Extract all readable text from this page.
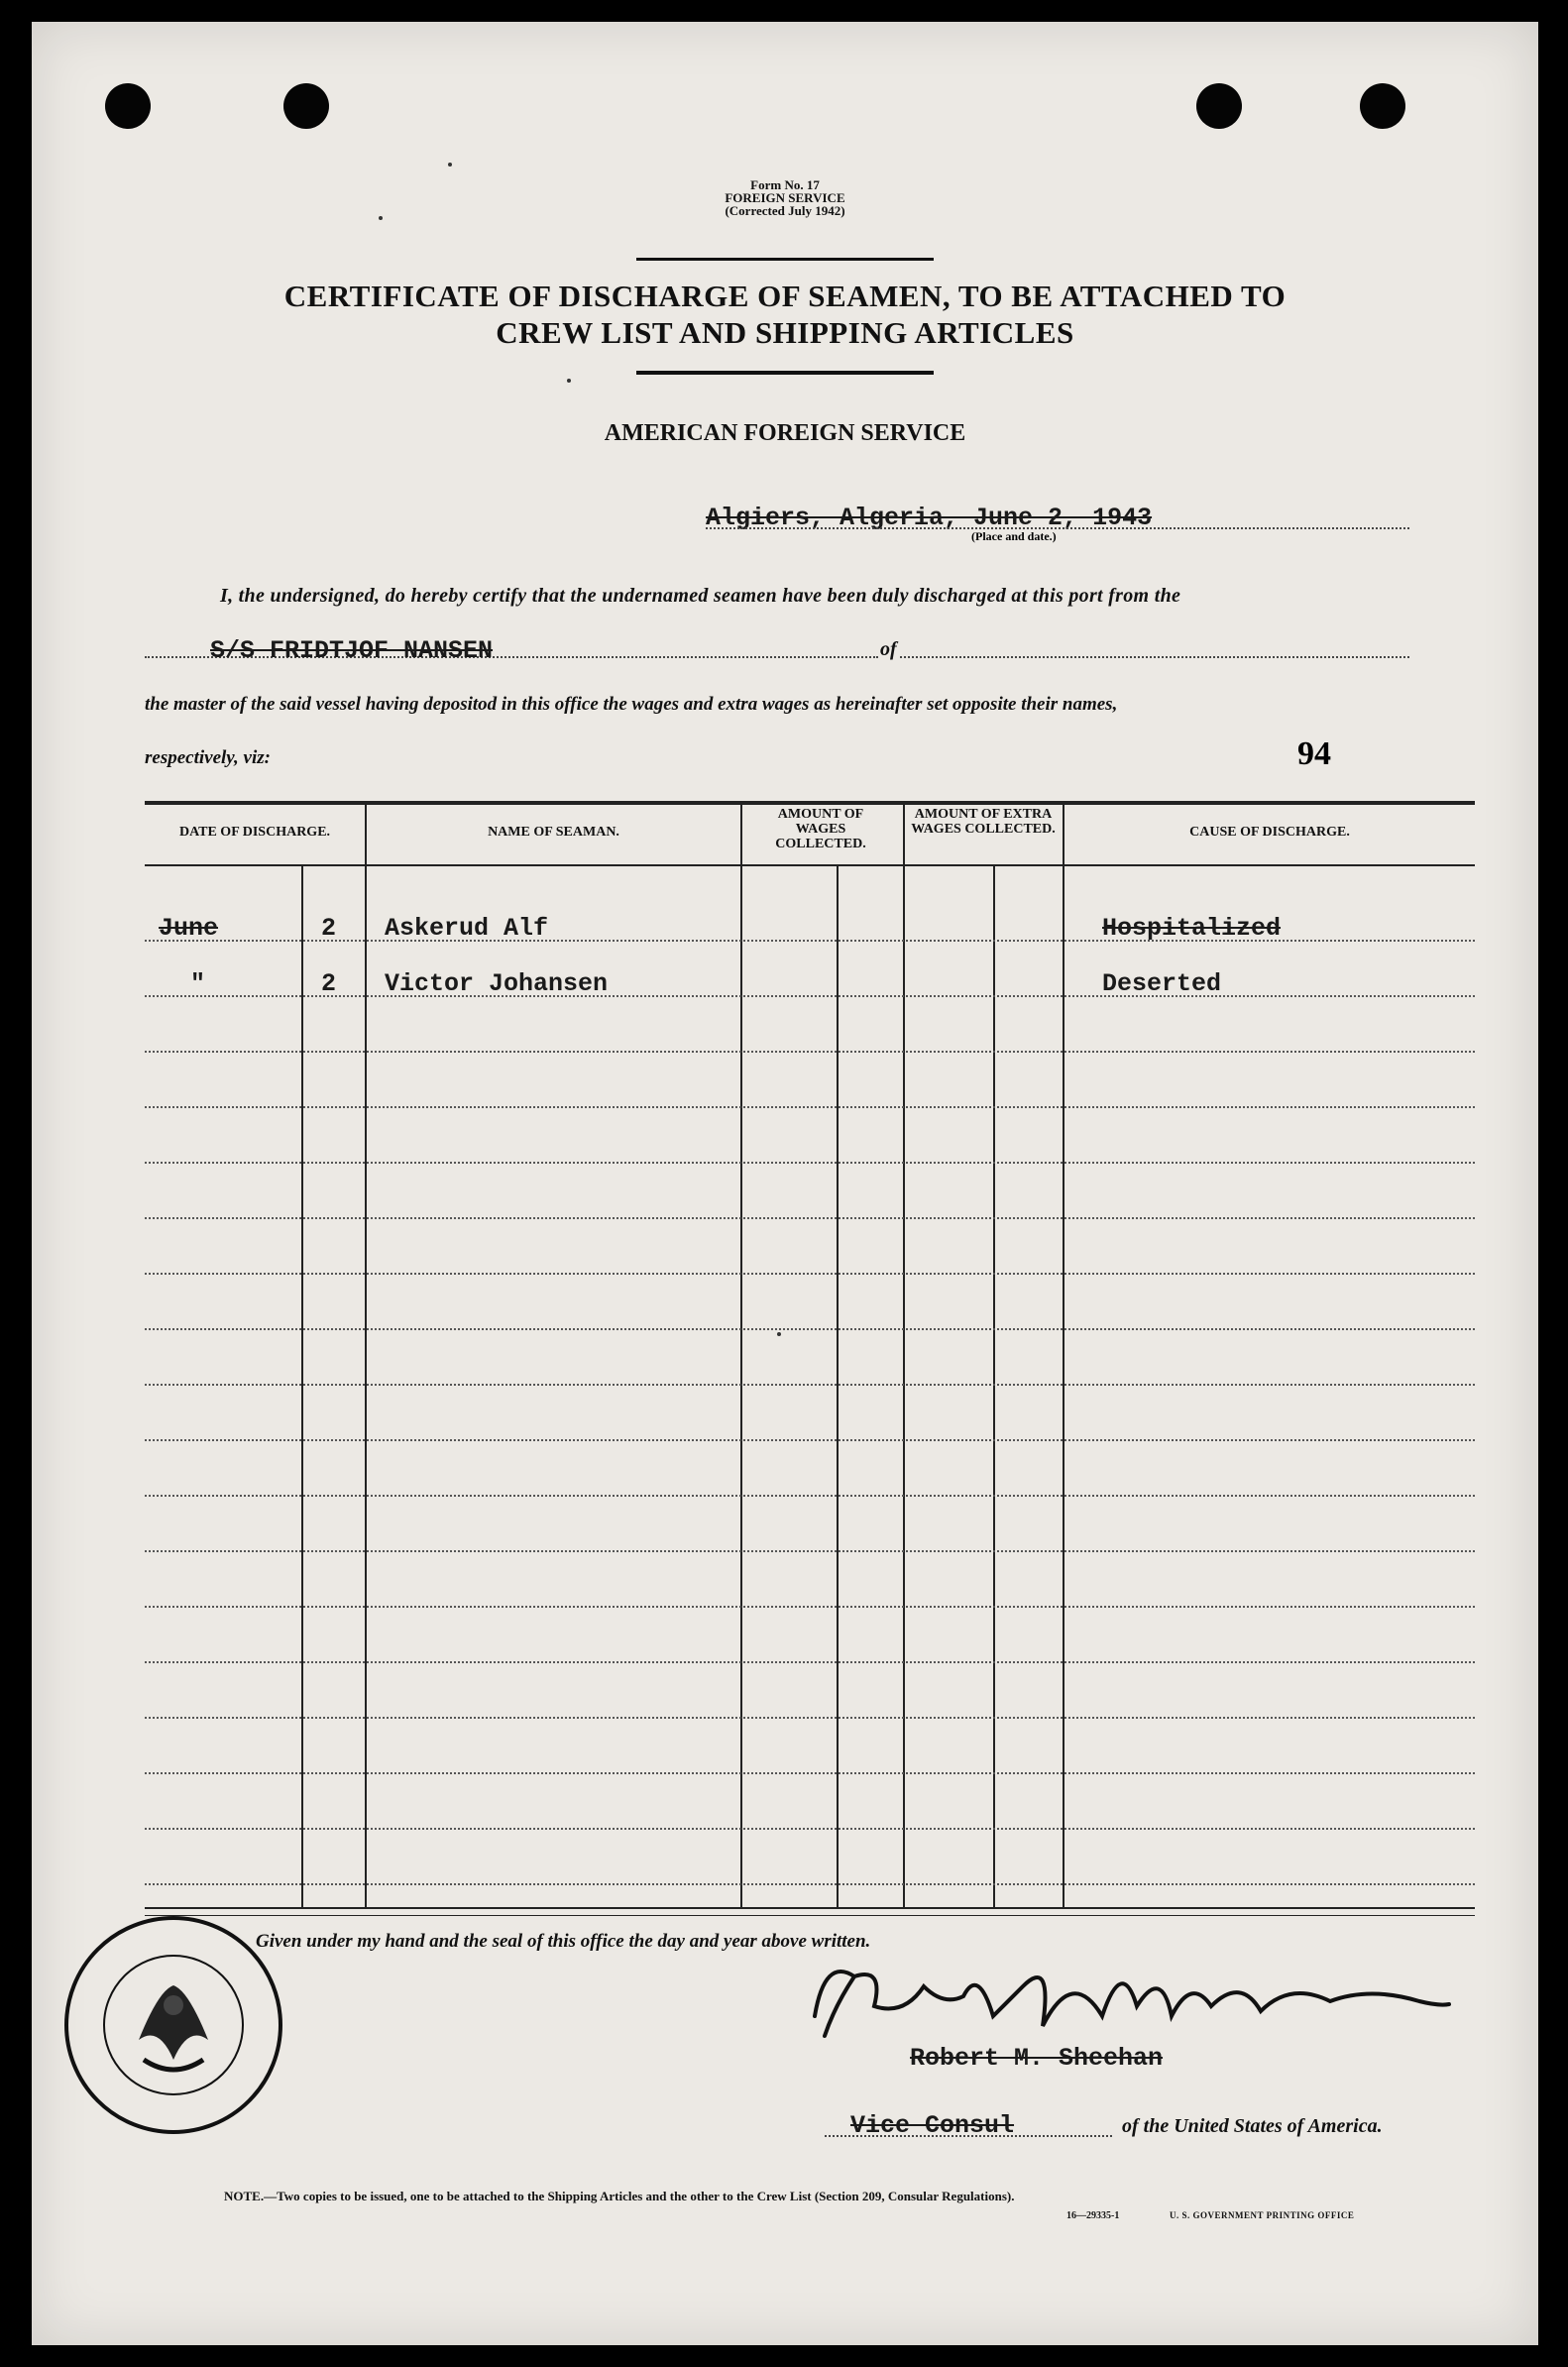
Form No. 17
FOREIGN SERVICE
(Corrected July 1942)
CERTIFICATE OF DISCHARGE OF SEAMEN, TO BE ATTACHED TO
CREW LIST AND SHIPPING ARTICLES
AMERICAN FOREIGN SERVICE
Algiers, Algeria, June 2, 1943
(Place and date.)
I, the undersigned, do hereby certify that the undernamed seamen have been duly discharged at this port from the
S/S FRIDTJOF NANSEN	of
the master of the said vessel having depositod in this office the wages and extra wages as hereinafter set opposite their names,
respectively, viz:	94
DATE OF DISCHARGE.	NAME OF SEAMAN.
AMOUNT OF WAGES COLLECTED.
AMOUNT OF EXTRA WAGES COLLECTED.	CAUSE OF DISCHARGE.
June	2 Askerud Alf	Hospitalized
"	2 Victor Johansen	Deserted
Given under my hand and the seal of this office the day and year above written.
Robert M. Sheehan
Vice Consul	of the United States of America.
NOTE.—Two copies to be issued, one to be attached to the Shipping Articles and the other to the Crew List (Section 209, Consular Regulations).
16—29335-1	U. S. GOVERNMENT PRINTING OFFICE
